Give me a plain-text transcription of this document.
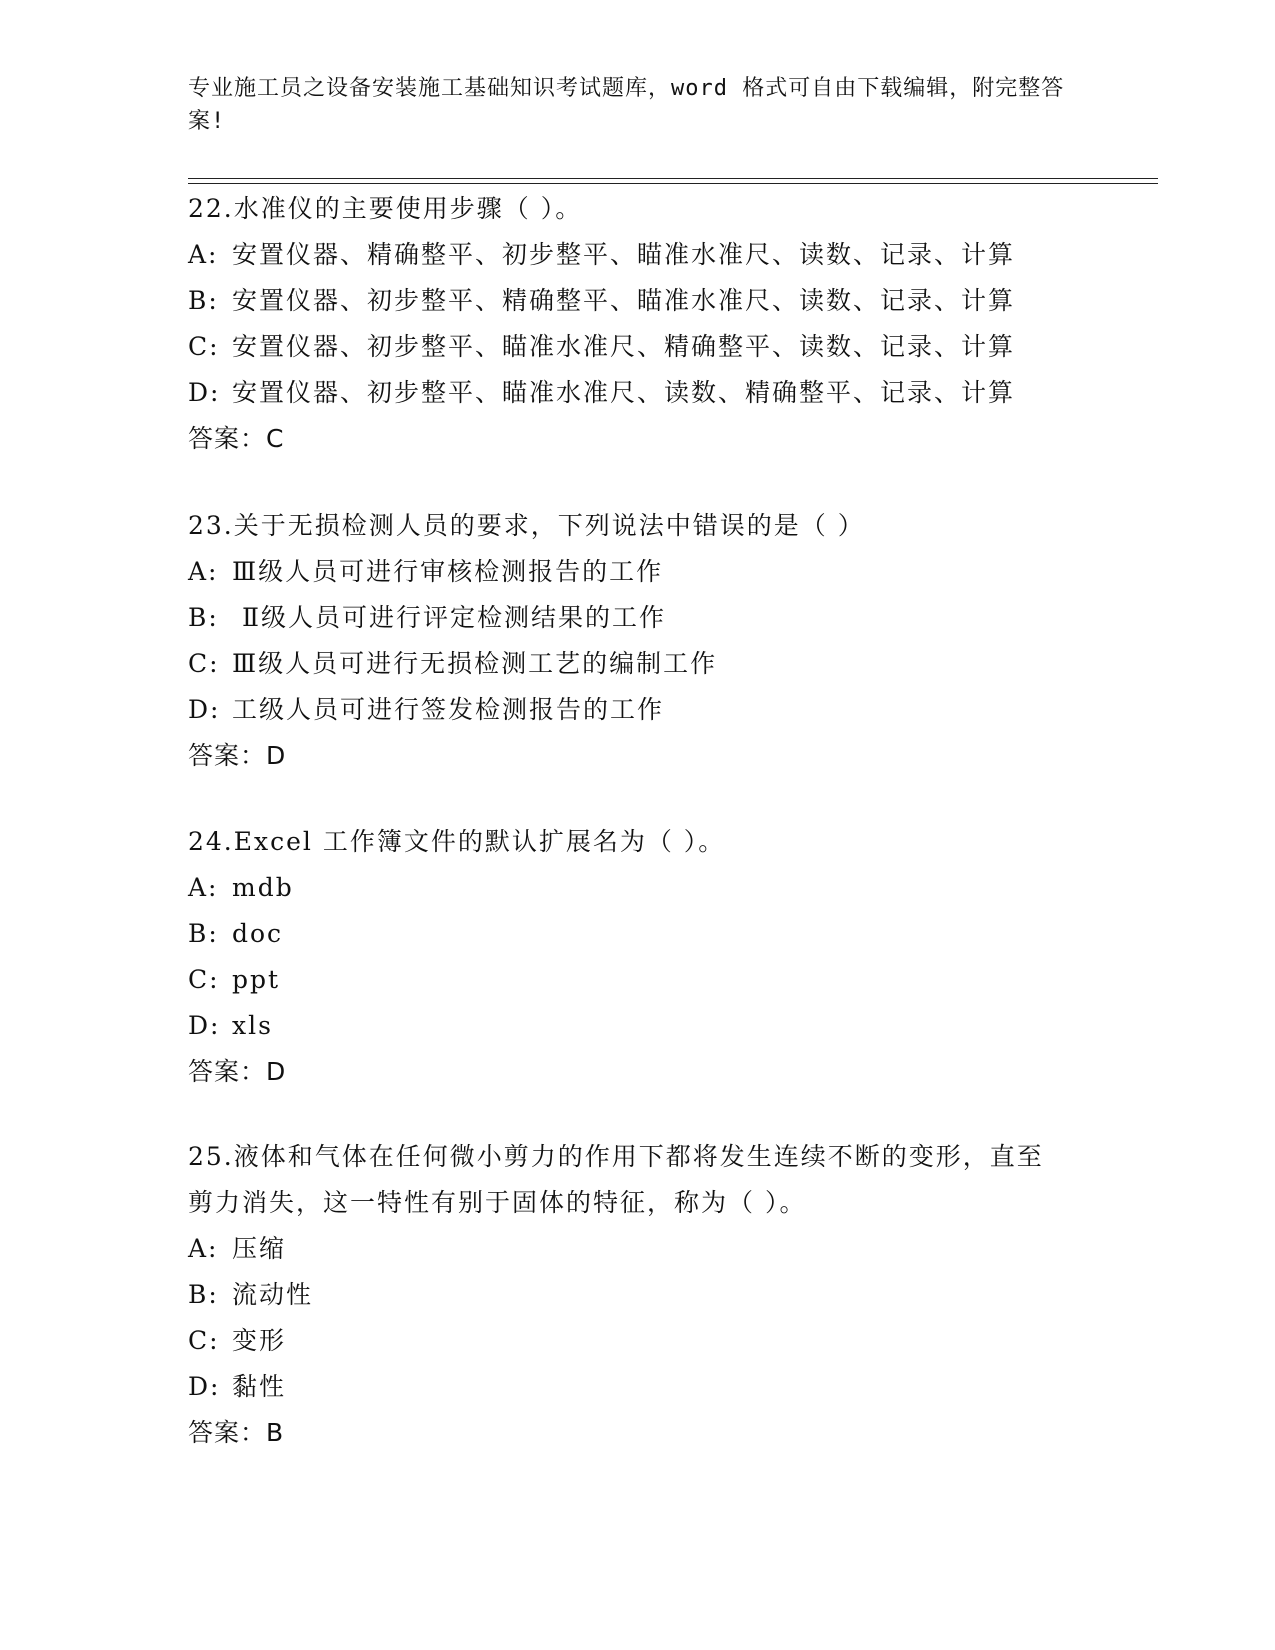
专业施工员之设备安装施工基础知识考试题库，word 格式可自由下载编辑，附完整答案!
22.水准仪的主要使用步骤（ ）。
A: 安置仪器、精确整平、初步整平、瞄准水准尺、读数、记录、计算
B: 安置仪器、初步整平、精确整平、瞄准水准尺、读数、记录、计算
C: 安置仪器、初步整平、瞄准水准尺、精确整平、读数、记录、计算
D: 安置仪器、初步整平、瞄准水准尺、读数、精确整平、记录、计算
答案：C
23.关于无损检测人员的要求，下列说法中错误的是（ ）
A: Ⅲ级人员可进行审核检测报告的工作
B: Ⅱ级人员可进行评定检测结果的工作
C: Ⅲ级人员可进行无损检测工艺的编制工作
D: 工级人员可进行签发检测报告的工作
答案：D
24.Excel 工作簿文件的默认扩展名为（ ）。
A: mdb
B: doc
C: ppt
D: xls
答案：D
25.液体和气体在任何微小剪力的作用下都将发生连续不断的变形，直至剪力消失，这一特性有别于固体的特征，称为（ ）。
A: 压缩
B: 流动性
C: 变形
D: 黏性
答案：B
